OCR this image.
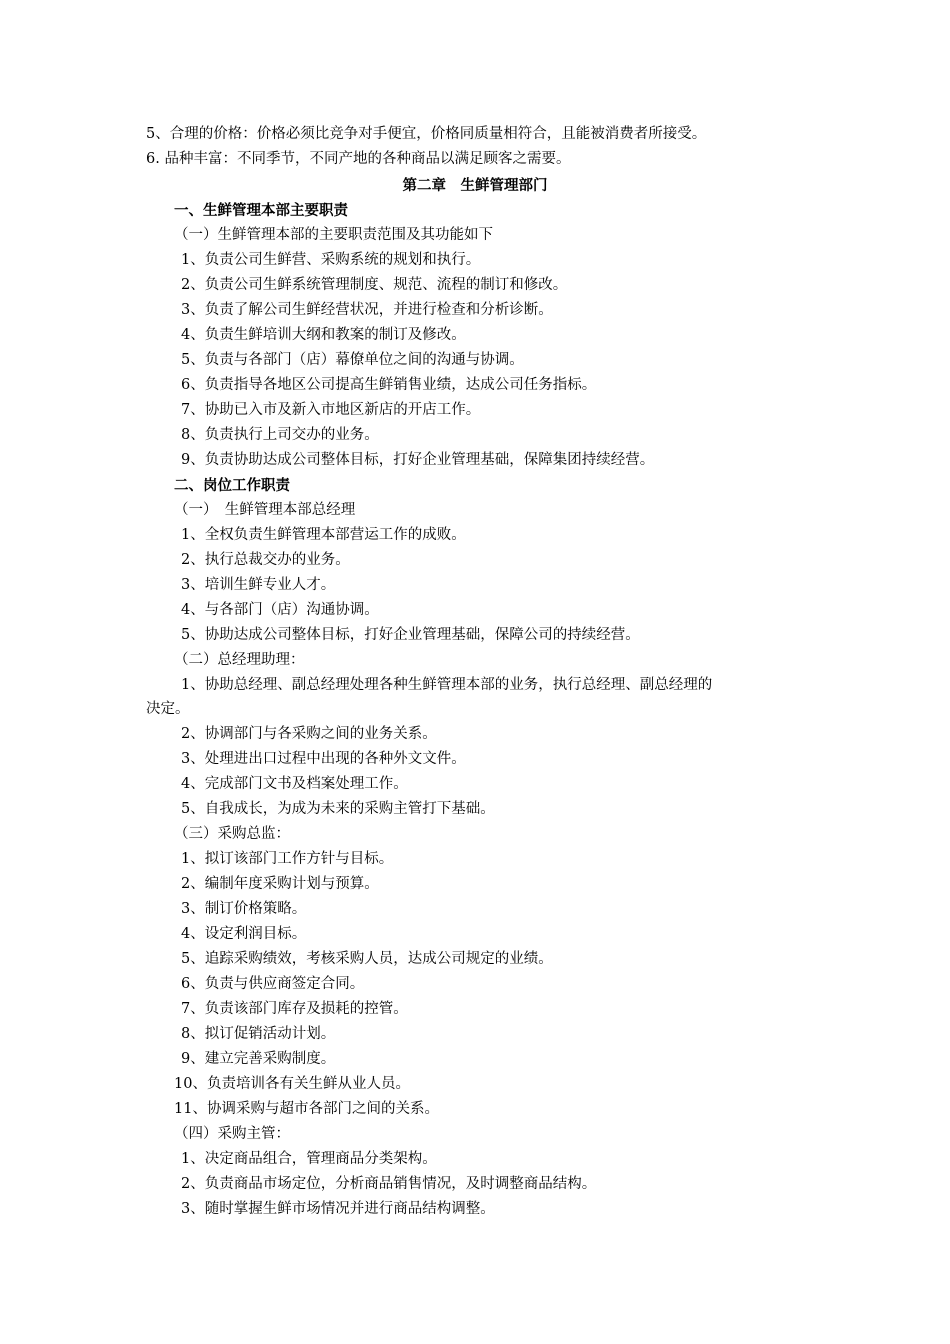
5、合理的价格：价格必须比竞争对手便宜，价格同质量相符合，且能被消费者所接受。
6. 品种丰富：不同季节，不同产地的各种商品以满足顾客之需要。
第二章　生鲜管理部门
一、生鲜管理本部主要职责
（一）生鲜管理本部的主要职责范围及其功能如下
1、负责公司生鲜营、采购系统的规划和执行。
2、负责公司生鲜系统管理制度、规范、流程的制订和修改。
3、负责了解公司生鲜经营状况，并进行检查和分析诊断。
4、负责生鲜培训大纲和教案的制订及修改。
5、负责与各部门（店）幕僚单位之间的沟通与协调。
6、负责指导各地区公司提高生鲜销售业绩，达成公司任务指标。
7、协助已入市及新入市地区新店的开店工作。
8、负责执行上司交办的业务。
9、负责协助达成公司整体目标，打好企业管理基础，保障集团持续经营。
二、岗位工作职责
（一）　生鲜管理本部总经理
1、全权负责生鲜管理本部营运工作的成败。
2、执行总裁交办的业务。
3、培训生鲜专业人才。
4、与各部门（店）沟通协调。
5、协助达成公司整体目标，打好企业管理基础，保障公司的持续经营。
（二）总经理助理：
1、协助总经理、副总经理处理各种生鲜管理本部的业务，执行总经理、副总经理的
决定。
2、协调部门与各采购之间的业务关系。
3、处理进出口过程中出现的各种外文文件。
4、完成部门文书及档案处理工作。
5、自我成长，为成为未来的采购主管打下基础。
（三）采购总监：
1、拟订该部门工作方针与目标。
2、编制年度采购计划与预算。
3、制订价格策略。
4、设定利润目标。
5、追踪采购绩效，考核采购人员，达成公司规定的业绩。
6、负责与供应商签定合同。
7、负责该部门库存及损耗的控管。
8、拟订促销活动计划。
9、建立完善采购制度。
10、负责培训各有关生鲜从业人员。
11、协调采购与超市各部门之间的关系。
（四）采购主管：
1、决定商品组合，管理商品分类架构。
2、负责商品市场定位，分析商品销售情况，及时调整商品结构。
3、随时掌握生鲜市场情况并进行商品结构调整。
